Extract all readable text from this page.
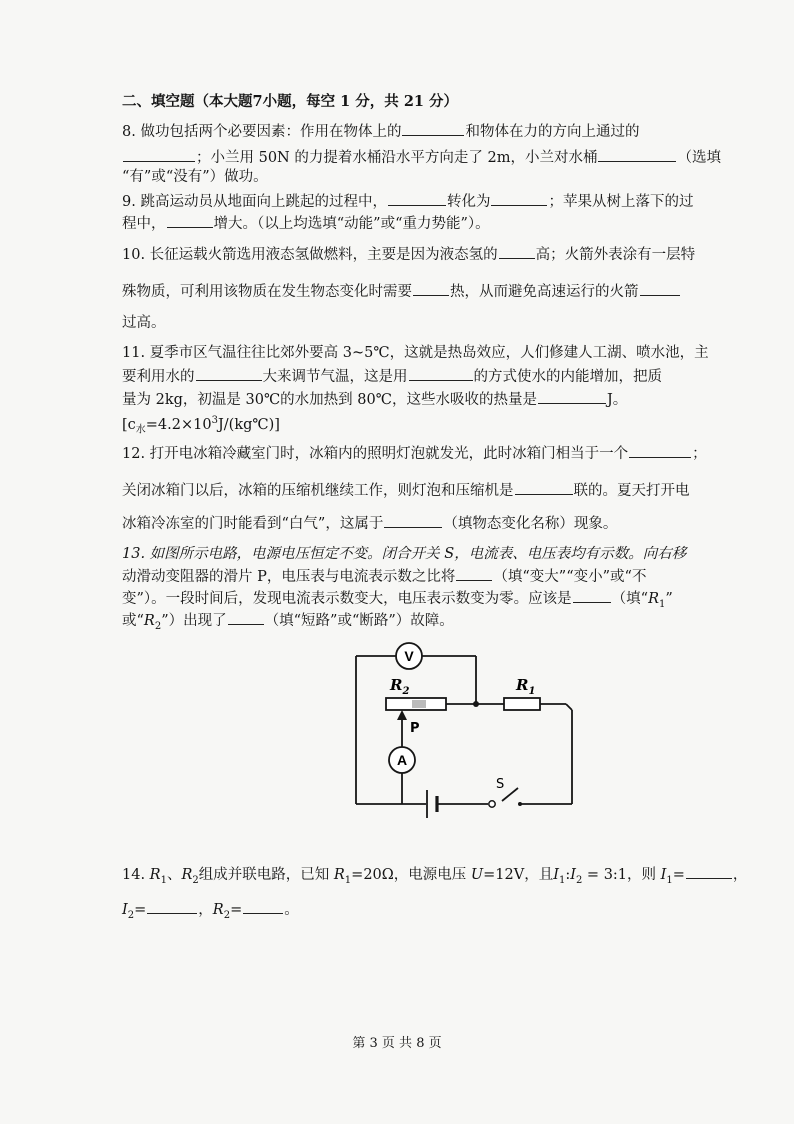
二、填空题（本大题7小题，每空 1 分，共 21 分）
8. 做功包括两个必要因素：作用在物体上的	和物体在力的方向上通过的
；小兰用 50N 的力提着水桶沿水平方向走了 2m，小兰对水桶	（选填
“有”或“没有”）做功。
9. 跳高运动员从地面向上跳起的过程中，	转化为	；苹果从树上落下的过
程中，	增大。（以上均选填“动能”或“重力势能”）。
10. 长征运载火箭选用液态氢做燃料，主要是因为液态氢的	高；火箭外表涂有一层特
殊物质，可利用该物质在发生物态变化时需要	热，从而避免高速运行的火箭
过高。
11. 夏季市区气温往往比郊外要高 3~5℃，这就是热岛效应，人们修建人工湖、喷水池，主
要利用水的	大来调节气温，这是用	的方式使水的内能增加，把质
量为 2kg，初温是 30℃的水加热到 80℃，这些水吸收的热量是	J。
$[c_水=4.2\times 10^3J/(kg℃)]$
12. 打开电冰箱冷藏室门时，冰箱内的照明灯泡就发光，此时冰箱门相当于一个	；
关闭冰箱门以后，冰箱的压缩机继续工作，则灯泡和压缩机是	联的。夏天打开电
冰箱冷冻室的门时能看到“白气”，这属于	（填物态变化名称）现象。
13. 如图所示电路，电源电压恒定不变。闭合开关 S，电流表、电压表均有示数。向右移
动滑动变阻器的滑片 P，电压表与电流表示数之比将	（填“变大”“变小”或“不
变”）。一段时间后，发现电流表示数变大，电压表示数变为零。应该是	（填“$R_1$”
或“$R_2$”）出现了	（填“短路”或“断路”）故障。
V
A
$R_2$	$R_1$
P
S
14. $R_1$、$R_2$组成并联电路，已知 $R_1=20\Omega$，电源电压 U=12V，且$I_1:I_2$ = 3:1，则 $I_1=$	，
$I_2=$	，$R_2=$	。
第 3 页 共 8 页
